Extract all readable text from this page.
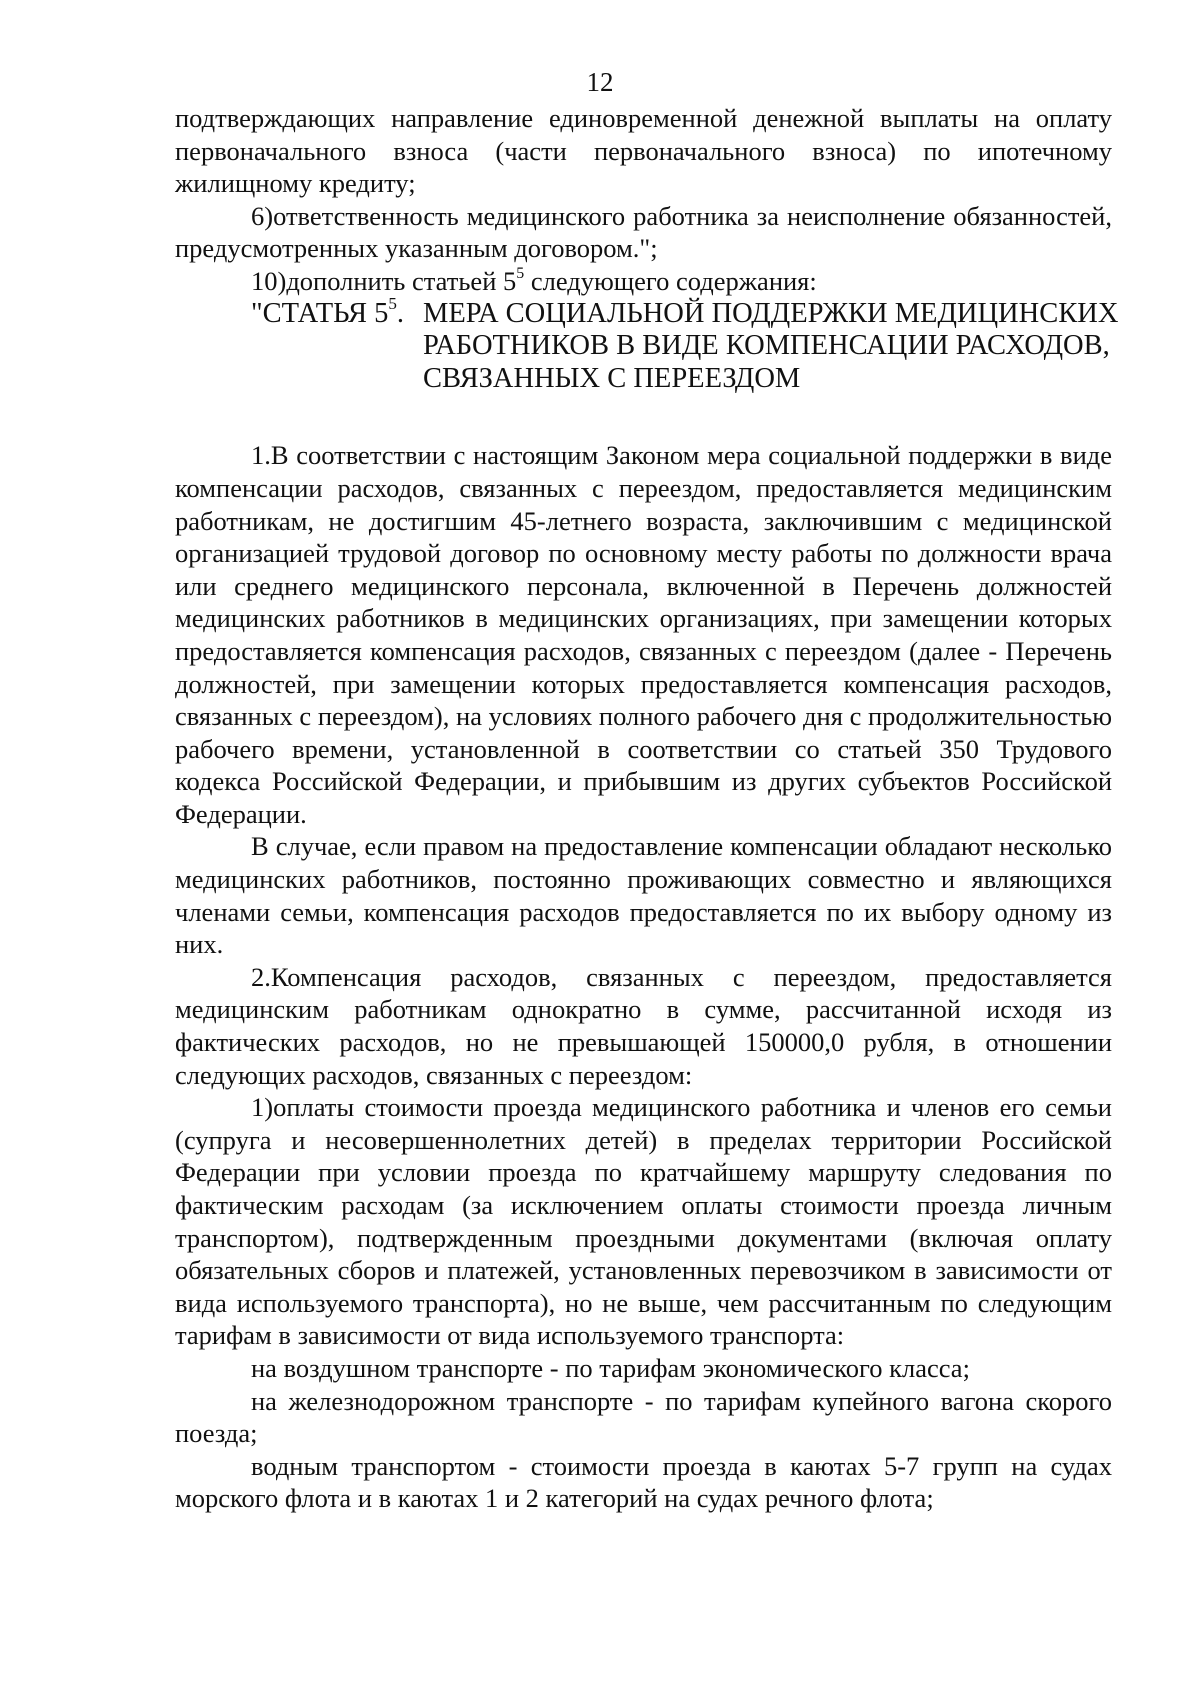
12

подтверждающих направление единовременной денежной выплаты на оплату первоначального взноса (части первоначального взноса) по ипотечному жилищному кредиту;

6)ответственность медицинского работника за неисполнение обязанностей, предусмотренных указанным договором.";

10)дополнить статьей $5^5$ следующего содержания:

"СТАТЬЯ $5^5$. МЕРА СОЦИАЛЬНОЙ ПОДДЕРЖКИ МЕДИЦИНСКИХ
РАБОТНИКОВ В ВИДЕ КОМПЕНСАЦИИ РАСХОДОВ,
СВЯЗАННЫХ С ПЕРЕЕЗДОМ

1.В соответствии с настоящим Законом мера социальной поддержки в виде компенсации расходов, связанных с переездом, предоставляется медицинским работникам, не достигшим 45-летнего возраста, заключившим с медицинской организацией трудовой договор по основному месту работы по должности врача или среднего медицинского персонала, включенной в Перечень должностей медицинских работников в медицинских организациях, при замещении которых предоставляется компенсация расходов, связанных с переездом (далее - Перечень должностей, при замещении которых предоставляется компенсация расходов, связанных с переездом), на условиях полного рабочего дня с продолжительностью рабочего времени, установленной в соответствии со статьей 350 Трудового кодекса Российской Федерации, и прибывшим из других субъектов Российской Федерации.

В случае, если правом на предоставление компенсации обладают несколько медицинских работников, постоянно проживающих совместно и являющихся членами семьи, компенсация расходов предоставляется по их выбору одному из них.

2.Компенсация расходов, связанных с переездом, предоставляется медицинским работникам однократно в сумме, рассчитанной исходя из фактических расходов, но не превышающей 150000,0 рубля, в отношении следующих расходов, связанных с переездом:

1)оплаты стоимости проезда медицинского работника и членов его семьи (супруга и несовершеннолетних детей) в пределах территории Российской Федерации при условии проезда по кратчайшему маршруту следования по фактическим расходам (за исключением оплаты стоимости проезда личным транспортом), подтвержденным проездными документами (включая оплату обязательных сборов и платежей, установленных перевозчиком в зависимости от вида используемого транспорта), но не выше, чем рассчитанным по следующим тарифам в зависимости от вида используемого транспорта:

на воздушном транспорте - по тарифам экономического класса;

на железнодорожном транспорте - по тарифам купейного вагона скорого поезда;

водным транспортом - стоимости проезда в каютах 5-7 групп на судах морского флота и в каютах 1 и 2 категорий на судах речного флота;
